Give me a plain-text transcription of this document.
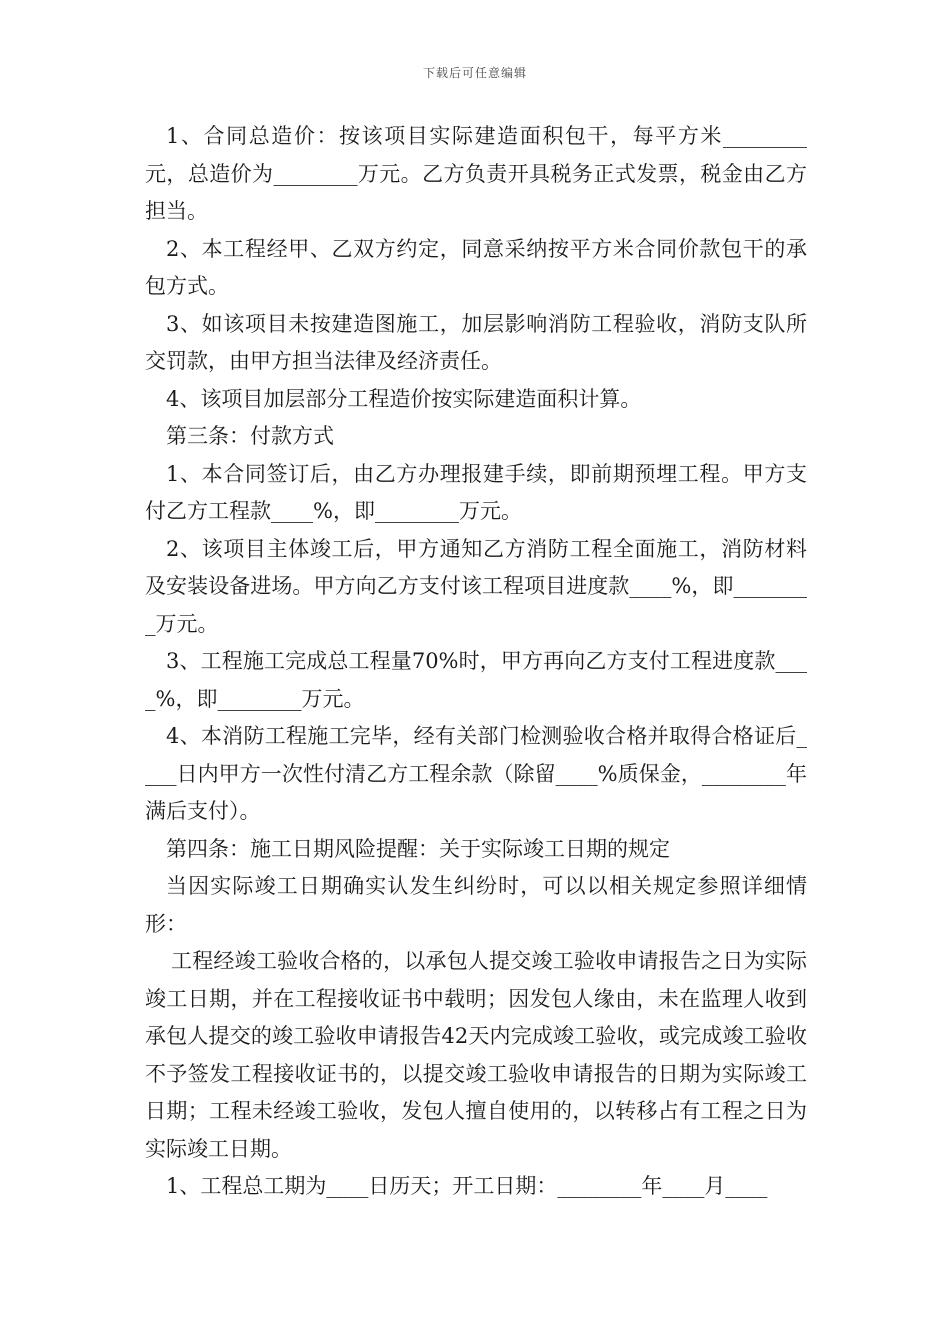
下载后可任意编辑

1、合同总造价：按该项目实际建造面积包干，每平方米________元，总造价为________万元。乙方负责开具税务正式发票，税金由乙方担当。

2、本工程经甲、乙双方约定，同意采纳按平方米合同价款包干的承包方式。

3、如该项目未按建造图施工，加层影响消防工程验收，消防支队所交罚款，由甲方担当法律及经济责任。

4、该项目加层部分工程造价按实际建造面积计算。

第三条：付款方式

1、本合同签订后，由乙方办理报建手续，即前期预埋工程。甲方支付乙方工程款____%，即________万元。

2、该项目主体竣工后，甲方通知乙方消防工程全面施工，消防材料及安装设备进场。甲方向乙方支付该工程项目进度款____%，即________万元。

3、工程施工完成总工程量70%时，甲方再向乙方支付工程进度款____%，即________万元。

4、本消防工程施工完毕，经有关部门检测验收合格并取得合格证后____日内甲方一次性付清乙方工程余款（除留____%质保金，________年满后支付）。

第四条：施工日期风险提醒：关于实际竣工日期的规定

当因实际竣工日期确实认发生纠纷时，可以以相关规定参照详细情形：

工程经竣工验收合格的，以承包人提交竣工验收申请报告之日为实际竣工日期，并在工程接收证书中载明；因发包人缘由，未在监理人收到承包人提交的竣工验收申请报告42天内完成竣工验收，或完成竣工验收不予签发工程接收证书的，以提交竣工验收申请报告的日期为实际竣工日期；工程未经竣工验收，发包人擅自使用的，以转移占有工程之日为实际竣工日期。

1、工程总工期为____日历天；开工日期：________年____月____
